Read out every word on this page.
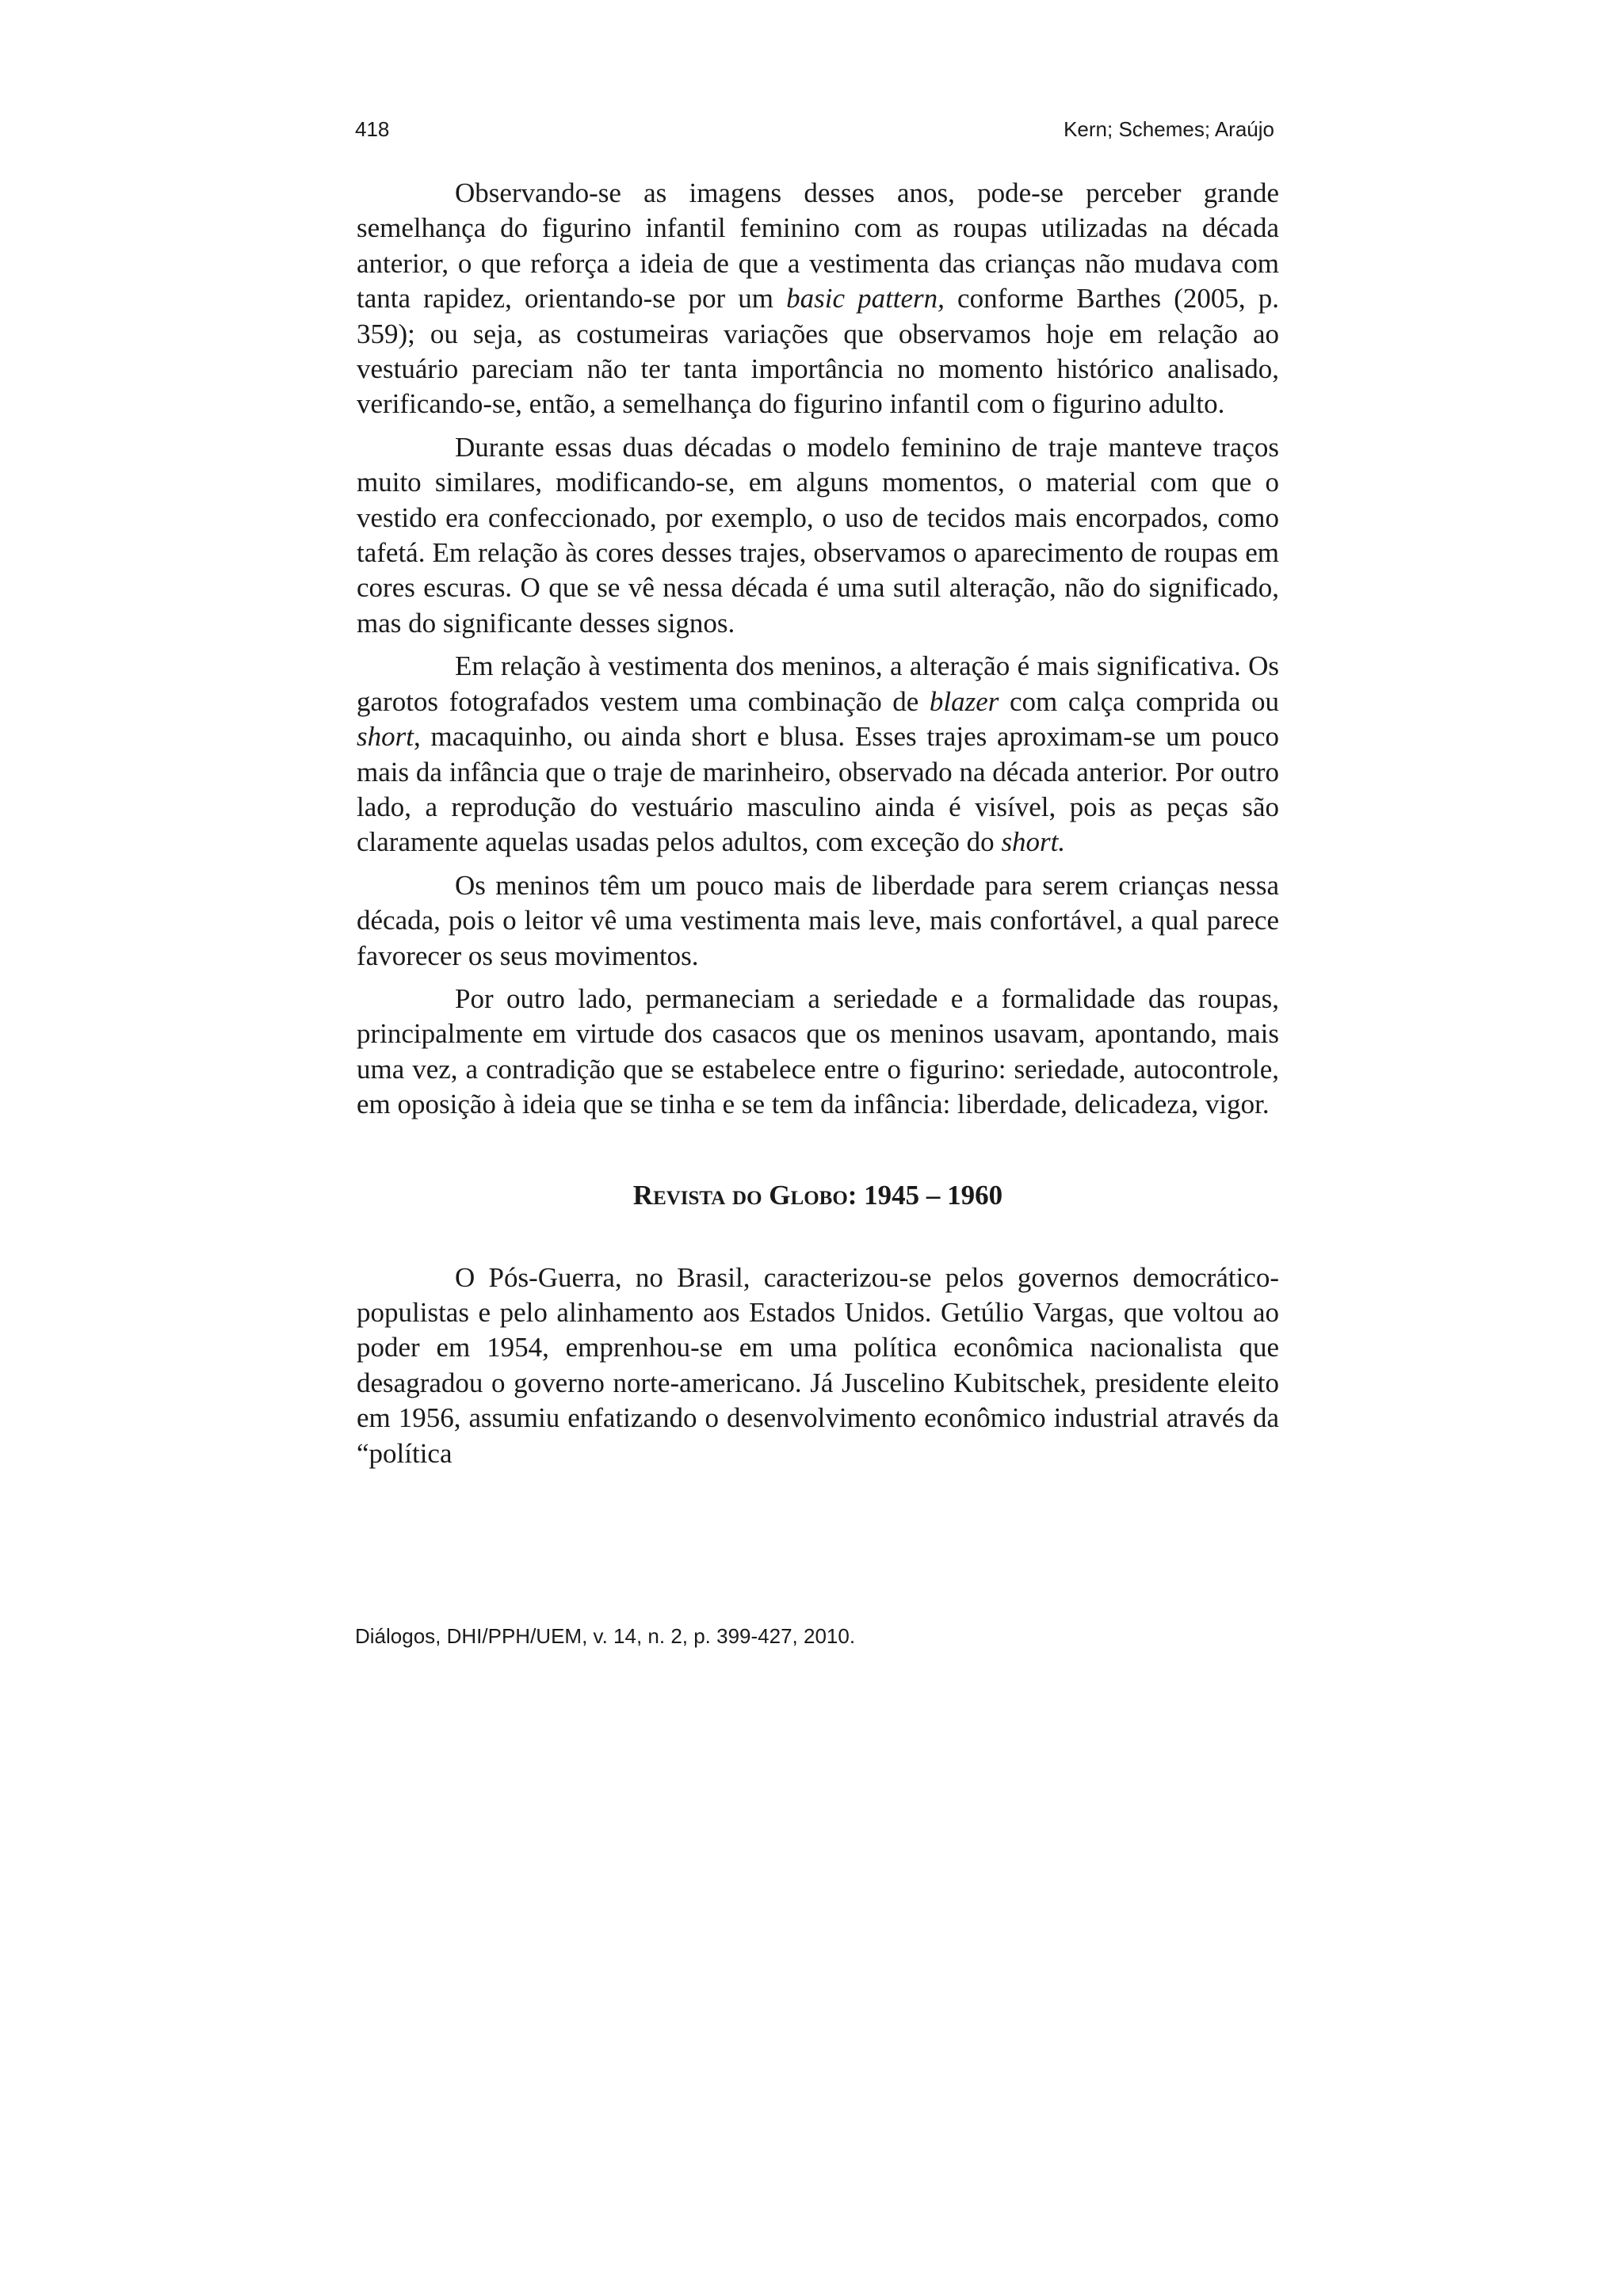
418	Kern; Schemes; Araújo

Observando-se as imagens desses anos, pode-se perceber grande semelhança do figurino infantil feminino com as roupas utilizadas na década anterior, o que reforça a ideia de que a vestimenta das crianças não mudava com tanta rapidez, orientando-se por um basic pattern, conforme Barthes (2005, p. 359); ou seja, as costumeiras variações que observamos hoje em relação ao vestuário pareciam não ter tanta importância no momento histórico analisado, verificando-se, então, a semelhança do figurino infantil com o figurino adulto.

Durante essas duas décadas o modelo feminino de traje manteve traços muito similares, modificando-se, em alguns momentos, o material com que o vestido era confeccionado, por exemplo, o uso de tecidos mais encorpados, como tafetá. Em relação às cores desses trajes, observamos o aparecimento de roupas em cores escuras. O que se vê nessa década é uma sutil alteração, não do significado, mas do significante desses signos.

Em relação à vestimenta dos meninos, a alteração é mais significativa. Os garotos fotografados vestem uma combinação de blazer com calça comprida ou short, macaquinho, ou ainda short e blusa. Esses trajes aproximam-se um pouco mais da infância que o traje de marinheiro, observado na década anterior. Por outro lado, a reprodução do vestuário masculino ainda é visível, pois as peças são claramente aquelas usadas pelos adultos, com exceção do short.

Os meninos têm um pouco mais de liberdade para serem crianças nessa década, pois o leitor vê uma vestimenta mais leve, mais confortável, a qual parece favorecer os seus movimentos.

Por outro lado, permaneciam a seriedade e a formalidade das roupas, principalmente em virtude dos casacos que os meninos usavam, apontando, mais uma vez, a contradição que se estabelece entre o figurino: seriedade, autocontrole, em oposição à ideia que se tinha e se tem da infância: liberdade, delicadeza, vigor.

Revista do Globo: 1945 – 1960

O Pós-Guerra, no Brasil, caracterizou-se pelos governos democrático-populistas e pelo alinhamento aos Estados Unidos. Getúlio Vargas, que voltou ao poder em 1954, emprenhou-se em uma política econômica nacionalista que desagradou o governo norte-americano. Já Juscelino Kubitschek, presidente eleito em 1956, assumiu enfatizando o desenvolvimento econômico industrial através da “política

Diálogos, DHI/PPH/UEM, v. 14, n. 2, p. 399-427, 2010.
